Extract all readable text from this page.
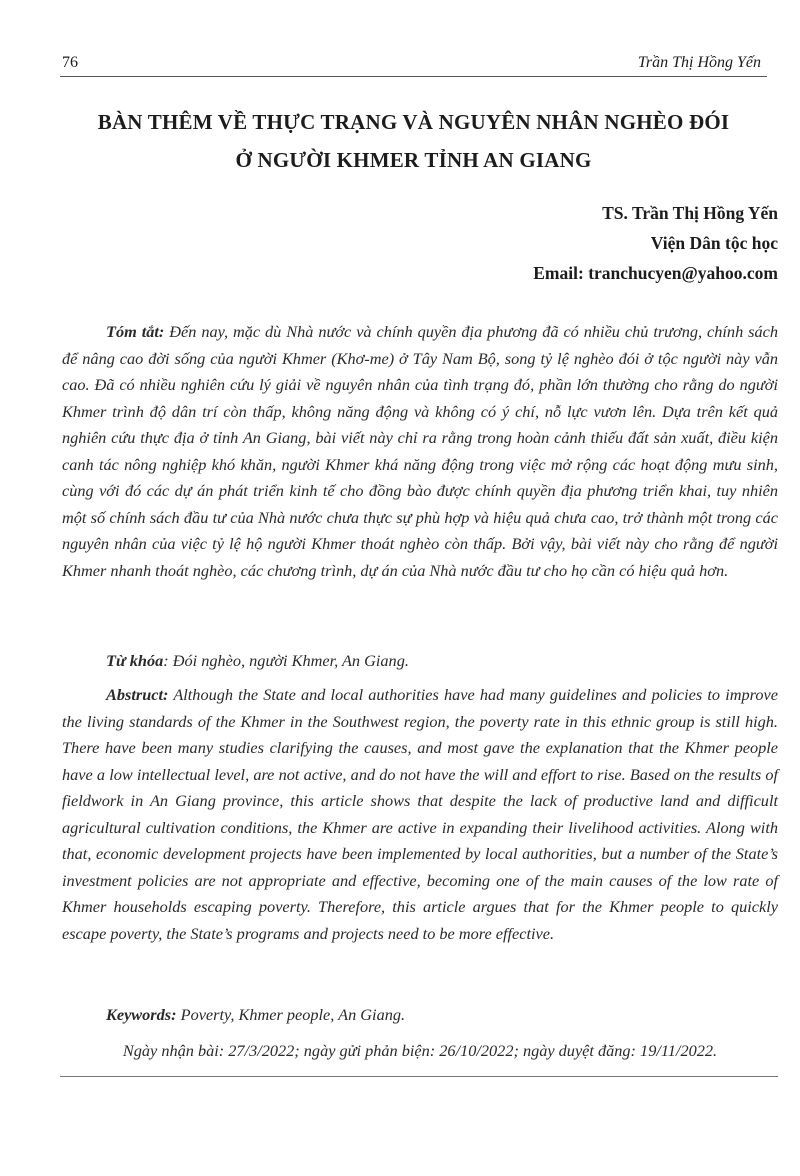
76	Trần Thị Hồng Yến
BÀN THÊM VỀ THỰC TRẠNG VÀ NGUYÊN NHÂN NGHÈO ĐÓI
Ở NGƯỜI KHMER TỈNH AN GIANG
TS. Trần Thị Hồng Yến
Viện Dân tộc học
Email: tranchucyen@yahoo.com

Tóm tắt: Đến nay, mặc dù Nhà nước và chính quyền địa phương đã có nhiều chủ trương, chính sách để nâng cao đời sống của người Khmer (Khơ-me) ở Tây Nam Bộ, song tỷ lệ nghèo đói ở tộc người này vẫn cao. Đã có nhiều nghiên cứu lý giải về nguyên nhân của tình trạng đó, phần lớn thường cho rằng do người Khmer trình độ dân trí còn thấp, không năng động và không có ý chí, nỗ lực vươn lên. Dựa trên kết quả nghiên cứu thực địa ở tỉnh An Giang, bài viết này chỉ ra rằng trong hoàn cảnh thiếu đất sản xuất, điều kiện canh tác nông nghiệp khó khăn, người Khmer khá năng động trong việc mở rộng các hoạt động mưu sinh, cùng với đó các dự án phát triển kinh tế cho đồng bào được chính quyền địa phương triển khai, tuy nhiên một số chính sách đầu tư của Nhà nước chưa thực sự phù hợp và hiệu quả chưa cao, trở thành một trong các nguyên nhân của việc tỷ lệ hộ người Khmer thoát nghèo còn thấp. Bởi vậy, bài viết này cho rằng để người Khmer nhanh thoát nghèo, các chương trình, dự án của Nhà nước đầu tư cho họ cần có hiệu quả hơn.

Từ khóa: Đói nghèo, người Khmer, An Giang.

Abstruct: Although the State and local authorities have had many guidelines and policies to improve the living standards of the Khmer in the Southwest region, the poverty rate in this ethnic group is still high. There have been many studies clarifying the causes, and most gave the explanation that the Khmer people have a low intellectual level, are not active, and do not have the will and effort to rise. Based on the results of fieldwork in An Giang province, this article shows that despite the lack of productive land and difficult agricultural cultivation conditions, the Khmer are active in expanding their livelihood activities. Along with that, economic development projects have been implemented by local authorities, but a number of the State’s investment policies are not appropriate and effective, becoming one of the main causes of the low rate of Khmer households escaping poverty. Therefore, this article argues that for the Khmer people to quickly escape poverty, the State’s programs and projects need to be more effective.

Keywords: Poverty, Khmer people, An Giang.

Ngày nhận bài: 27/3/2022; ngày gửi phản biện: 26/10/2022; ngày duyệt đăng: 19/11/2022.
